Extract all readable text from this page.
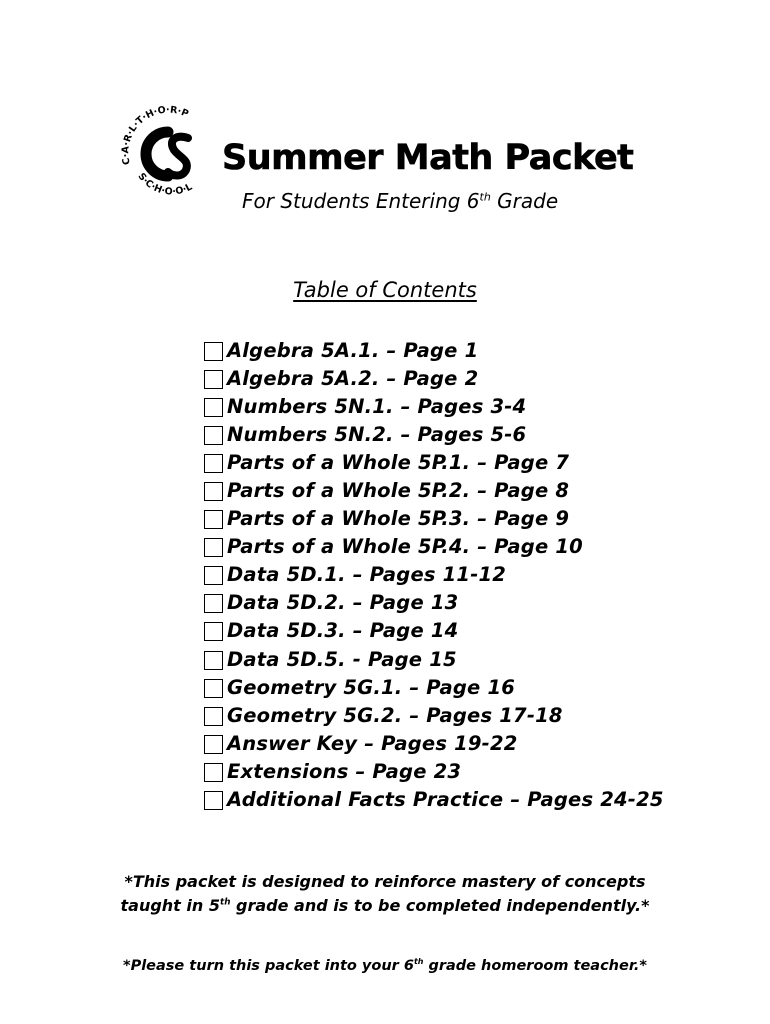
C·A·R·L·T·H·O·R·P
S·C·H·O·O·L
Summer Math Packet
For Students Entering 6th Grade
Table of Contents
Algebra 5A.1. – Page 1
Algebra 5A.2. – Page 2
Numbers 5N.1. – Pages 3-4
Numbers 5N.2. – Pages 5-6
Parts of a Whole 5P.1. – Page 7
Parts of a Whole 5P.2. – Page 8
Parts of a Whole 5P.3. – Page 9
Parts of a Whole 5P.4. – Page 10
Data 5D.1. – Pages 11-12
Data 5D.2. – Page 13
Data 5D.3. – Page 14
Data 5D.5. - Page 15
Geometry 5G.1. – Page 16
Geometry 5G.2. – Pages 17-18
Answer Key – Pages 19-22
Extensions – Page 23
Additional Facts Practice – Pages 24-25
*This packet is designed to reinforce mastery of concepts
taught in 5th grade and is to be completed independently.*
*Please turn this packet into your 6th grade homeroom teacher.*
